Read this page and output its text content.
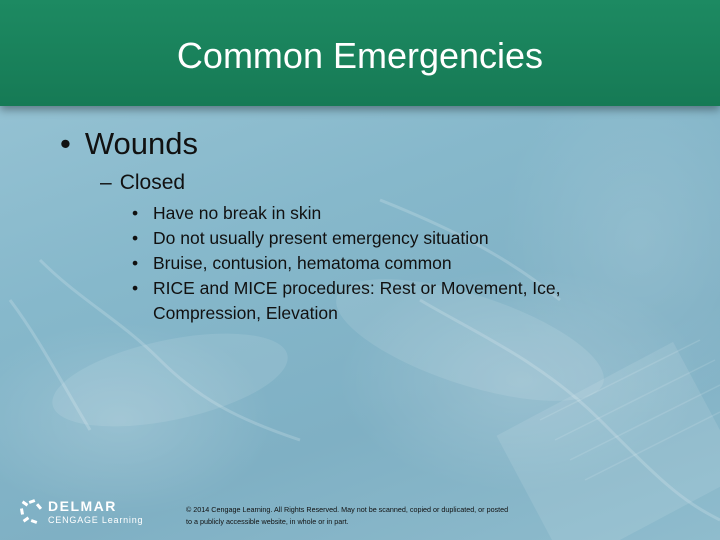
Common Emergencies
• Wounds
– Closed
• Have no break in skin
• Do not usually present emergency situation
• Bruise, contusion, hematoma common
• RICE and MICE procedures: Rest or Movement, Ice, Compression, Elevation
DELMAR
CENGAGE Learning
© 2014 Cengage Learning. All Rights Reserved. May not be scanned, copied or duplicated, or posted to a publicly accessible website, in whole or in part.
